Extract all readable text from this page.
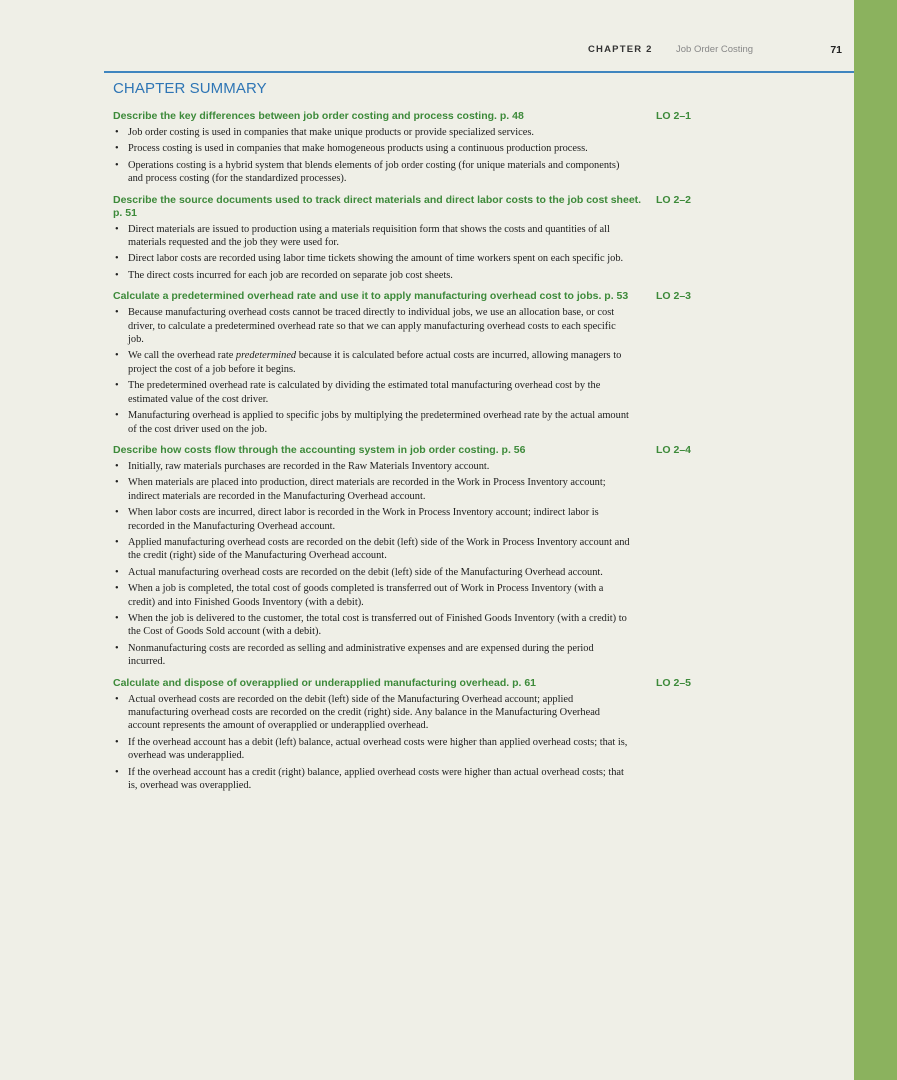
CHAPTER 2 Job Order Costing	71
CHAPTER SUMMARY
Describe the key differences between job order costing and process costing. p. 48	LO 2–1
• Job order costing is used in companies that make unique products or provide specialized services.
• Process costing is used in companies that make homogeneous products using a continuous production process.
• Operations costing is a hybrid system that blends elements of job order costing (for unique materials and components) and process costing (for the standardized processes).
Describe the source documents used to track direct materials and direct labor costs to the job cost sheet. p. 51
LO 2–2
• Direct materials are issued to production using a materials requisition form that shows the costs and quantities of all materials requested and the job they were used for.
• Direct labor costs are recorded using labor time tickets showing the amount of time workers spent on each specific job.
• The direct costs incurred for each job are recorded on separate job cost sheets.
Calculate a predetermined overhead rate and use it to apply manufacturing overhead cost to jobs. p. 53	LO 2–3
• Because manufacturing overhead costs cannot be traced directly to individual jobs, we use an allocation base, or cost driver, to calculate a predetermined overhead rate so that we can apply manufacturing overhead costs to each specific job.
• We call the overhead rate predetermined because it is calculated before actual costs are incurred, allowing managers to project the cost of a job before it begins.
• The predetermined overhead rate is calculated by dividing the estimated total manufacturing overhead cost by the estimated value of the cost driver.
• Manufacturing overhead is applied to specific jobs by multiplying the predetermined overhead rate by the actual amount of the cost driver used on the job.
Describe how costs flow through the accounting system in job order costing. p. 56	LO 2–4
• Initially, raw materials purchases are recorded in the Raw Materials Inventory account.
• When materials are placed into production, direct materials are recorded in the Work in Process Inventory account; indirect materials are recorded in the Manufacturing Overhead account.
• When labor costs are incurred, direct labor is recorded in the Work in Process Inventory account; indirect labor is recorded in the Manufacturing Overhead account.
• Applied manufacturing overhead costs are recorded on the debit (left) side of the Work in Process Inventory account and the credit (right) side of the Manufacturing Overhead account.
• Actual manufacturing overhead costs are recorded on the debit (left) side of the Manufacturing Overhead account.
• When a job is completed, the total cost of goods completed is transferred out of Work in Process Inventory (with a credit) and into Finished Goods Inventory (with a debit).
• When the job is delivered to the customer, the total cost is transferred out of Finished Goods Inventory (with a credit) to the Cost of Goods Sold account (with a debit).
• Nonmanufacturing costs are recorded as selling and administrative expenses and are expensed during the period incurred.
Calculate and dispose of overapplied or underapplied manufacturing overhead. p. 61	LO 2–5
• Actual overhead costs are recorded on the debit (left) side of the Manufacturing Overhead account; applied manufacturing overhead costs are recorded on the credit (right) side. Any balance in the Manufacturing Overhead account represents the amount of overapplied or underapplied overhead.
• If the overhead account has a debit (left) balance, actual overhead costs were higher than applied overhead costs; that is, overhead was underapplied.
• If the overhead account has a credit (right) balance, applied overhead costs were higher than actual overhead costs; that is, overhead was overapplied.
